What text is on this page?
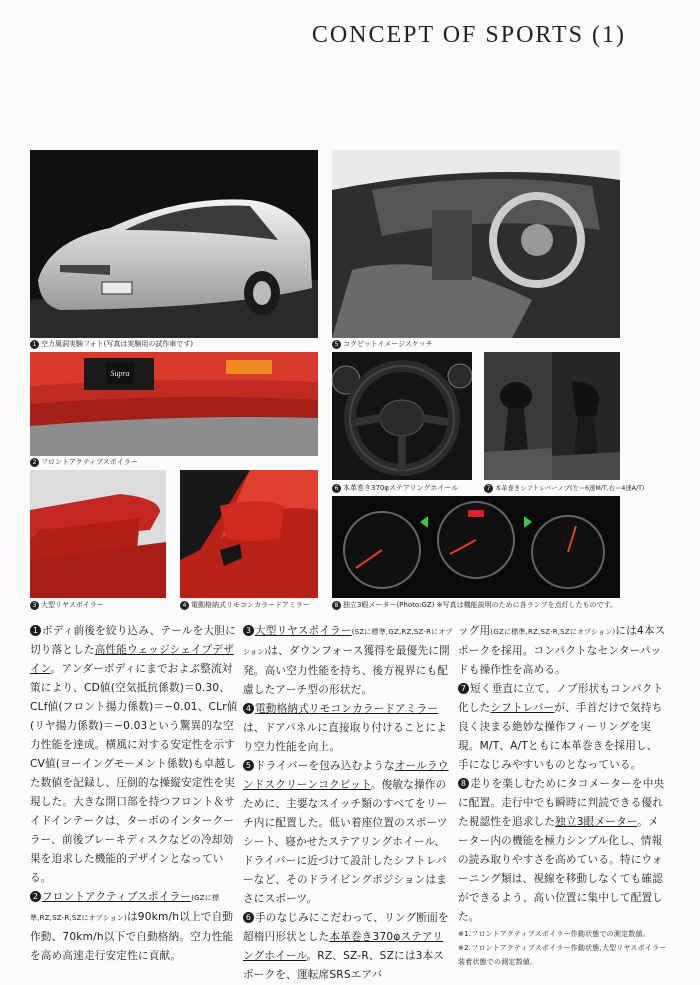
CONCEPT OF SPORTS (1)
1 空力風洞実験フォト(写真は実験用の試作車です)
Supra
2 フロントアクティブスポイラー
3 大型リヤスポイラー	4 電動格納式リモコンカラードアミラー
5 コクピットイメージスケッチ
6 本革巻き370φステアリングホイール	7 本革巻きシフトレバーノブ(左＝6速M/T,右＝4速A/T)
8 独立3眼メーター(Photo:GZ) ※写真は機能説明のために各ランプを点灯したものです。

1 ボディ前後を絞り込み、テールを大胆に切り落とした高性能ウェッジシェイプデザイン。アンダーボディにまでおよぶ整流対策により、CD値(空気抵抗係数)＝0.30、CLf値(フロント揚力係数)＝−0.01、CLr値(リヤ揚力係数)＝−0.03という驚異的な空力性能を達成。横風に対する安定性を示すCV値(ヨーイングモーメント係数)も卓越した数値を記録し、圧倒的な操縦安定性を実現した。大きな開口部を持つフロント＆サイドインテークは、ターボのインタークーラー、前後ブレーキディスクなどの冷却効果を追求した機能的デザインとなっている。

2 フロントアクティブスポイラー(GZに標準,RZ,SZ-R,SZにオプション)は90km/h以上で自動作動、70km/h以下で自動格納。空力性能を高め高速走行安定性に貢献。

3 大型リヤスポイラー(SZに標準,GZ,RZ,SZ-Rにオプション)は、ダウンフォース獲得を最優先に開発。高い空力性能を持ち、後方視界にも配慮したアーチ型の形状だ。

4 電動格納式リモコンカラードアミラーは、ドアパネルに直接取り付けることにより空力性能を向上。

5 ドライバーを包み込むようなオールラウンドスクリーンコクピット。俊敏な操作のために、主要なスイッチ類のすべてをリーチ内に配置した。低い着座位置のスポーツシート、寝かせたステアリングホイール、ドライバーに近づけて設計したシフトレバーなど、そのドライビングポジションはまさにスポーツ。

6 手のなじみにこだわって、リング断面を超楕円形状とした本革巻き370φステアリングホイール。RZ、SZ-R、SZには3本スポークを、運転席SRSエアバ

ッグ用(GZに標準,RZ,SZ-R,SZにオプション)には4本スポークを採用。コンパクトなセンターパッドも操作性を高める。

7 短く垂直に立て、ノブ形状もコンパクト化したシフトレバーが、手首だけで気持ち良く決まる絶妙な操作フィーリングを実現。M/T、A/Tともに本革巻きを採用し、手になじみやすいものとなっている。

8 走りを楽しむためにタコメーターを中央に配置。走行中でも瞬時に判読できる優れた視認性を追求した独立3眼メーター。メーター内の機能を極力シンプル化し、情報の読み取りやすさを高めている。特にウォーニング類は、視線を移動しなくても確認ができるよう、高い位置に集中して配置した。

※1.フロントアクティブスポイラー作動状態での測定数値。

※2.フロントアクティブスポイラー作動状態,大型リヤスポイラー装着状態での測定数値。
